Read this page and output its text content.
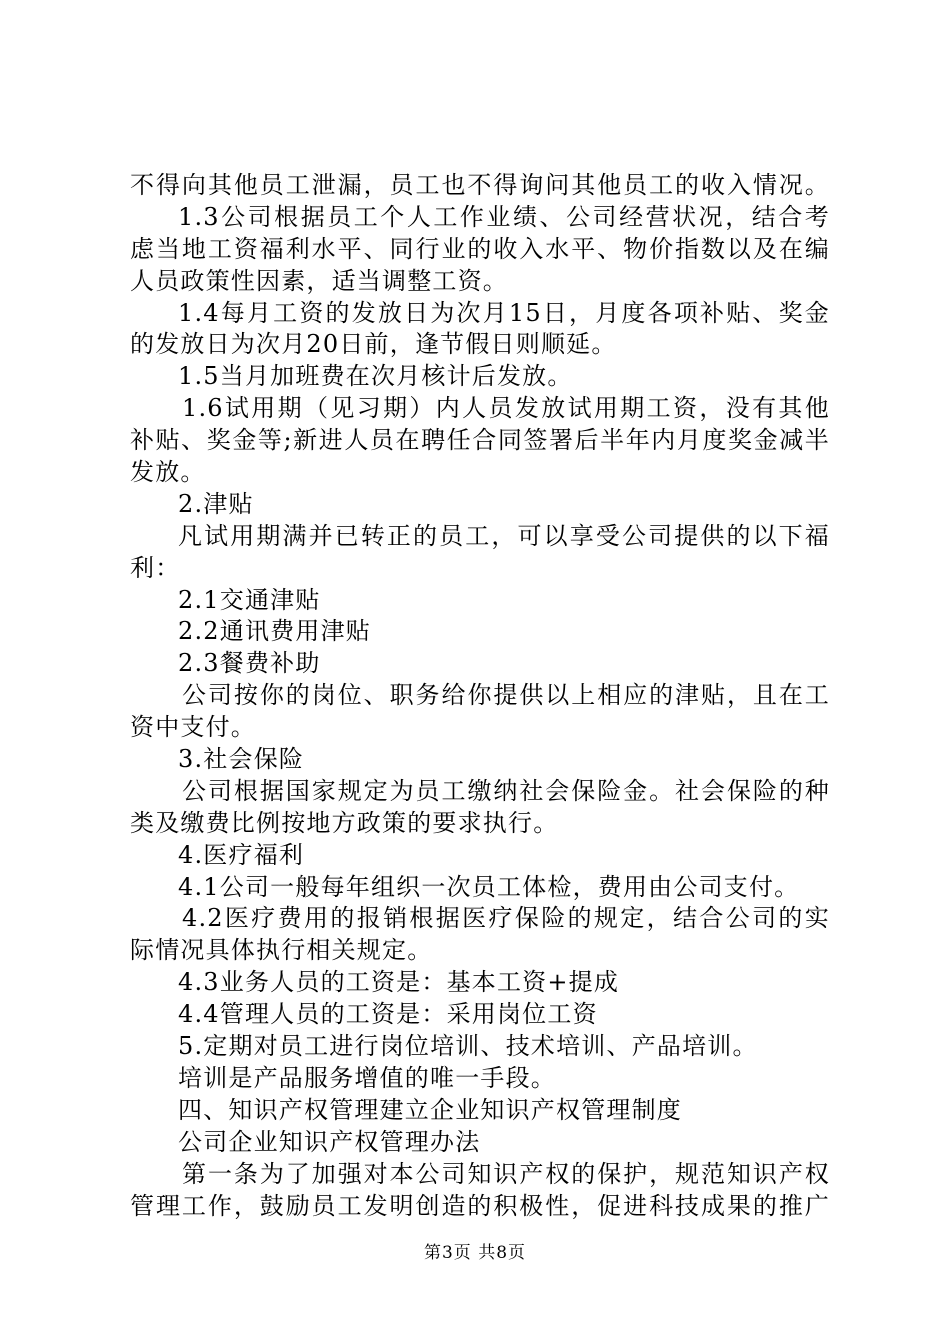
不得向其他员工泄漏，员工也不得询问其他员工的收入情况。
1.3公司根据员工个人工作业绩、公司经营状况，结合考
虑当地工资福利水平、同行业的收入水平、物价指数以及在编
人员政策性因素，适当调整工资。
1.4每月工资的发放日为次月15日，月度各项补贴、奖金
的发放日为次月20日前，逢节假日则顺延。
1.5当月加班费在次月核计后发放。
1.6试用期（见习期）内人员发放试用期工资，没有其他
补贴、奖金等;新进人员在聘任合同签署后半年内月度奖金减半
发放。
2.津贴
凡试用期满并已转正的员工，可以享受公司提供的以下福
利：
2.1交通津贴
2.2通讯费用津贴
2.3餐费补助
公司按你的岗位、职务给你提供以上相应的津贴，且在工
资中支付。
3.社会保险
公司根据国家规定为员工缴纳社会保险金。社会保险的种
类及缴费比例按地方政策的要求执行。
4.医疗福利
4.1公司一般每年组织一次员工体检，费用由公司支付。
4.2医疗费用的报销根据医疗保险的规定，结合公司的实
际情况具体执行相关规定。
4.3业务人员的工资是：基本工资+提成
4.4管理人员的工资是：采用岗位工资
5.定期对员工进行岗位培训、技术培训、产品培训。
培训是产品服务增值的唯一手段。
四、知识产权管理建立企业知识产权管理制度
公司企业知识产权管理办法
第一条为了加强对本公司知识产权的保护，规范知识产权
管理工作，鼓励员工发明创造的积极性，促进科技成果的推广
第3页 共8页
